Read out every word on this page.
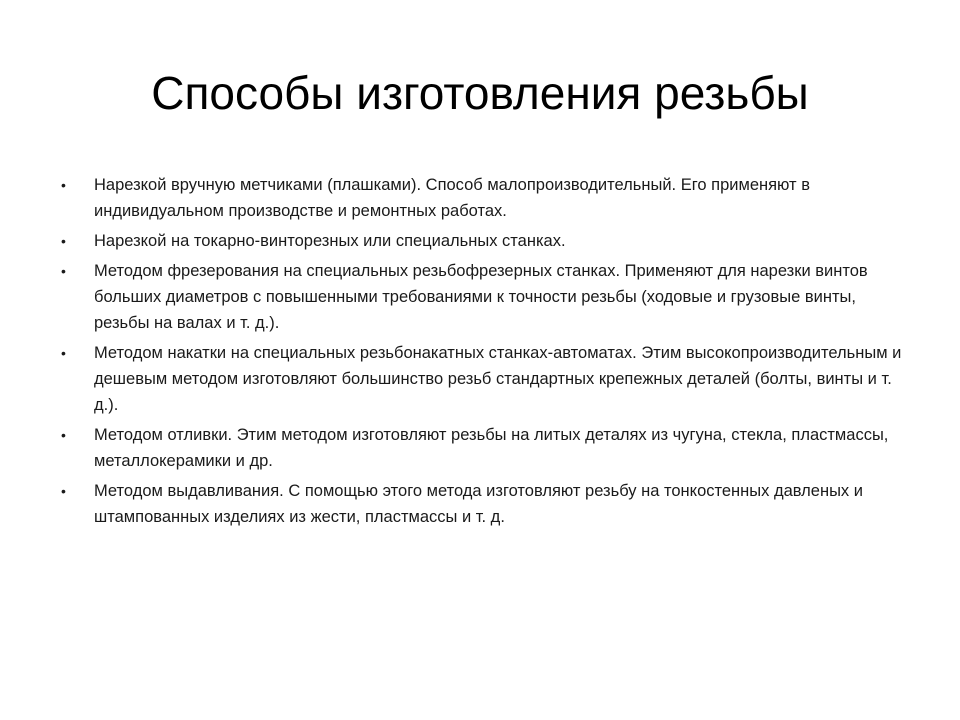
Способы изготовления резьбы
• Нарезкой вручную метчиками (плашками). Способ малопроизводительный. Его применяют в индивидуальном производстве и ремонтных работах.
• Нарезкой на токарно-винторезных или специальных станках.
• Методом фрезерования на специальных резьбофрезерных станках. Применяют для нарезки винтов больших диаметров с повышенными требованиями к точности резьбы (ходовые и грузовые винты, резьбы на валах и т. д.).
• Методом накатки на специальных резьбонакатных станках-автоматах. Этим высокопроизводительным и дешевым методом изготовляют большинство резьб стандартных крепежных деталей (болты, винты и т. д.).
• Методом отливки. Этим методом изготовляют резьбы на литых деталях из чугуна, стекла, пластмассы, металлокерамики и др.
• Методом выдавливания. С помощью этого метода изготовляют резьбу на тонкостенных давленых и штампованных изделиях из жести, пластмассы и т. д.
